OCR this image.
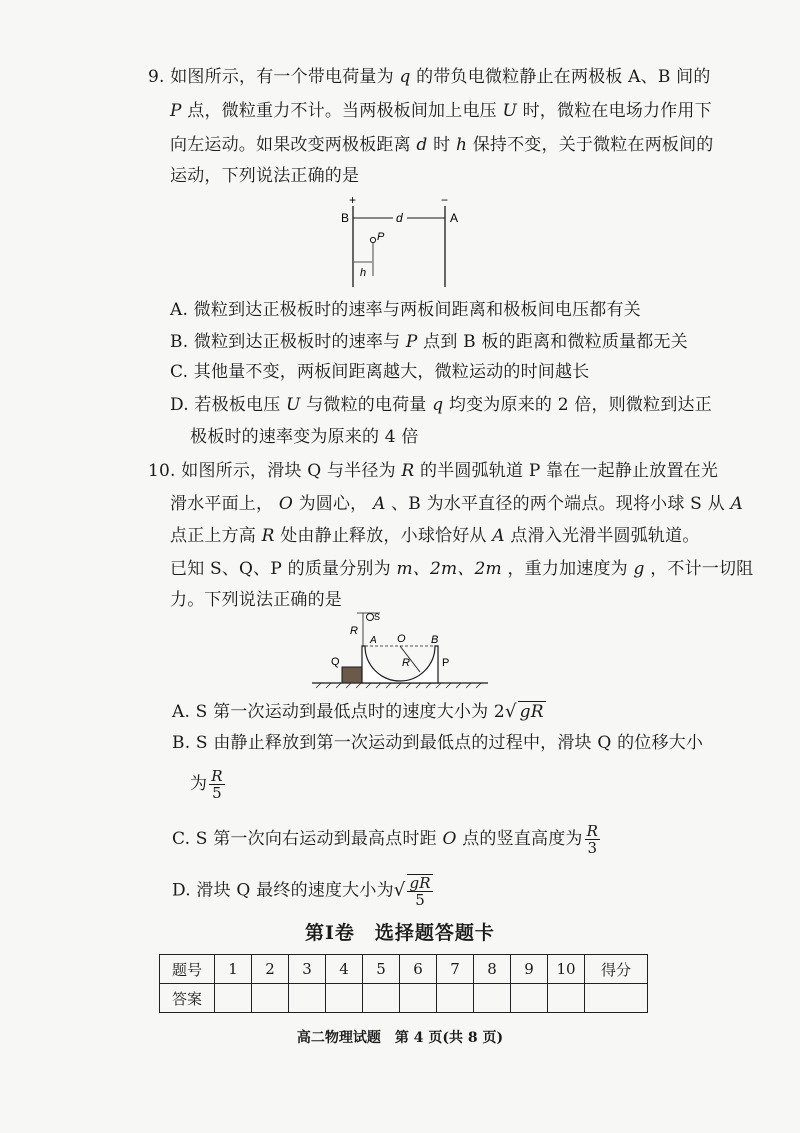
9. 如图所示，有一个带电荷量为 q 的带负电微粒静止在两极板 A、B 间的
P 点，微粒重力不计。当两极板间加上电压 U 时，微粒在电场力作用下
向左运动。如果改变两极板距离 d 时 h 保持不变，关于微粒在两板间的
运动，下列说法正确的是
+	−
B	A
d
P
h
A. 微粒到达正极板时的速率与两板间距离和极板间电压都有关
B. 微粒到达正极板时的速率与 P 点到 B 板的距离和微粒质量都无关
C. 其他量不变，两板间距离越大，微粒运动的时间越长
D. 若极板电压 U 与微粒的电荷量 q 均变为原来的 2 倍，则微粒到达正
极板时的速率变为原来的 4 倍
10. 如图所示，滑块 Q 与半径为 R 的半圆弧轨道 P 靠在一起静止放置在光
滑水平面上， O 为圆心， A 、B 为水平直径的两个端点。现将小球 S 从 A
点正上方高 R 处由静止释放，小球恰好从 A 点滑入光滑半圆弧轨道。
已知 S、Q、P 的质量分别为 m、2m、2m ，重力加速度为 g ，不计一切阻
力。下列说法正确的是
Q	P
A O B
R
S
R
A. S 第一次运动到最低点时的速度大小为 2√ gR
B. S 由静止释放到第一次运动到最低点的过程中，滑块 Q 的位移大小
为 $\frac{R}{5}$
C. S 第一次向右运动到最高点时距 O 点的竖直高度为 $\frac{R}{3}$
D. 滑块 Q 最终的速度大小为√ $\frac{gR}{5}$
第Ⅰ卷　选择题答题卡
题号	1	2	3	4	5	6	7	8	9	10	得分
答案											
高二物理试题　第 4 页(共 8 页)
